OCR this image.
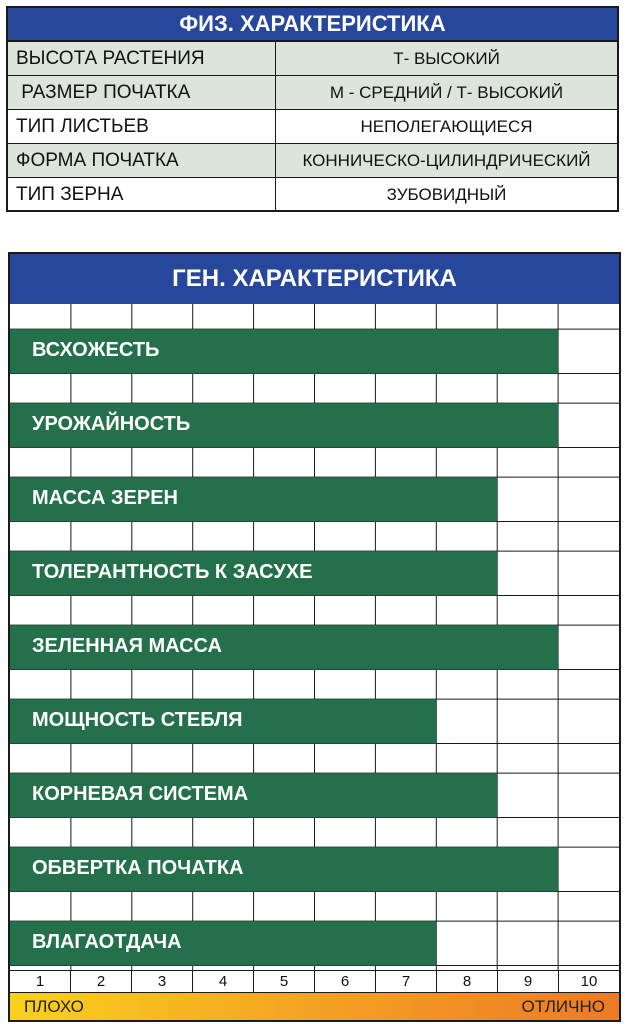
ФИЗ. ХАРАКТЕРИСТИКА
ВЫСОТА РАСТЕНИЯ	Т- ВЫСОКИЙ
РАЗМЕР ПОЧАТКА	М - СРЕДНИЙ / Т- ВЫСОКИЙ
ТИП ЛИСТЬЕВ	НЕПОЛЕГАЮЩИЕСЯ
ФОРМА ПОЧАТКА	КОННИЧЕСКО-ЦИЛИНДРИЧЕСКИЙ
ТИП ЗЕРНА	ЗУБОВИДНЫЙ
ГЕН. ХАРАКТЕРИСТИКА
ВСХОЖЕСТЬ
УРОЖАЙНОСТЬ
МАССА ЗЕРЕН
ТОЛЕРАНТНОСТЬ К ЗАСУХЕ
ЗЕЛЕННАЯ МАССА
МОЩНОСТЬ СТЕБЛЯ
КОРНЕВАЯ СИСТЕМА
ОБВЕРТКА ПОЧАТКА
ВЛАГАОТДАЧА
1	2	3	4	5	6	7	8	9	10
ПЛОХО	ОТЛИЧНО
